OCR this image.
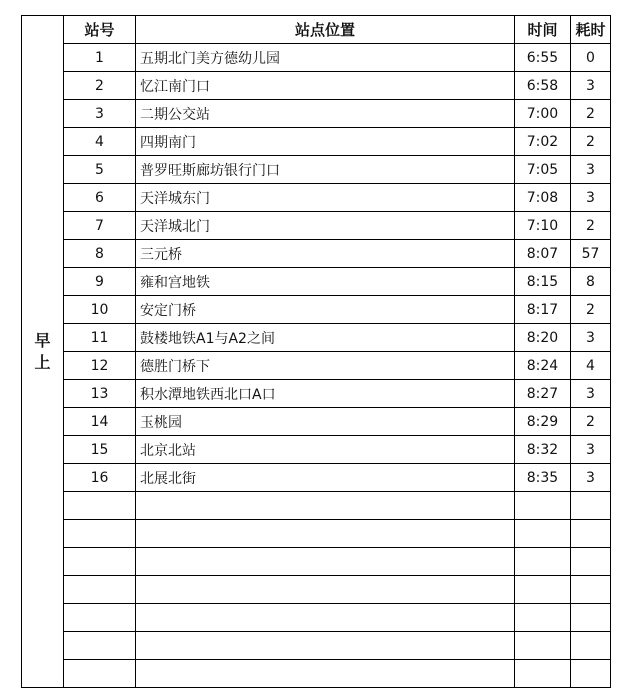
早上	站号	站点位置	时间	耗时
	1	五期北门美方德幼儿园	6:55	0
	2	忆江南门口	6:58	3
	3	二期公交站	7:00	2
	4	四期南门	7:02	2
	5	普罗旺斯廊坊银行门口	7:05	3
	6	天洋城东门	7:08	3
	7	天洋城北门	7:10	2
	8	三元桥	8:07	57
	9	雍和宫地铁	8:15	8
	10	安定门桥	8:17	2
	11	鼓楼地铁A1与A2之间	8:20	3
	12	德胜门桥下	8:24	4
	13	积水潭地铁西北口A口	8:27	3
	14	玉桃园	8:29	2
	15	北京北站	8:32	3
	16	北展北街	8:35	3
